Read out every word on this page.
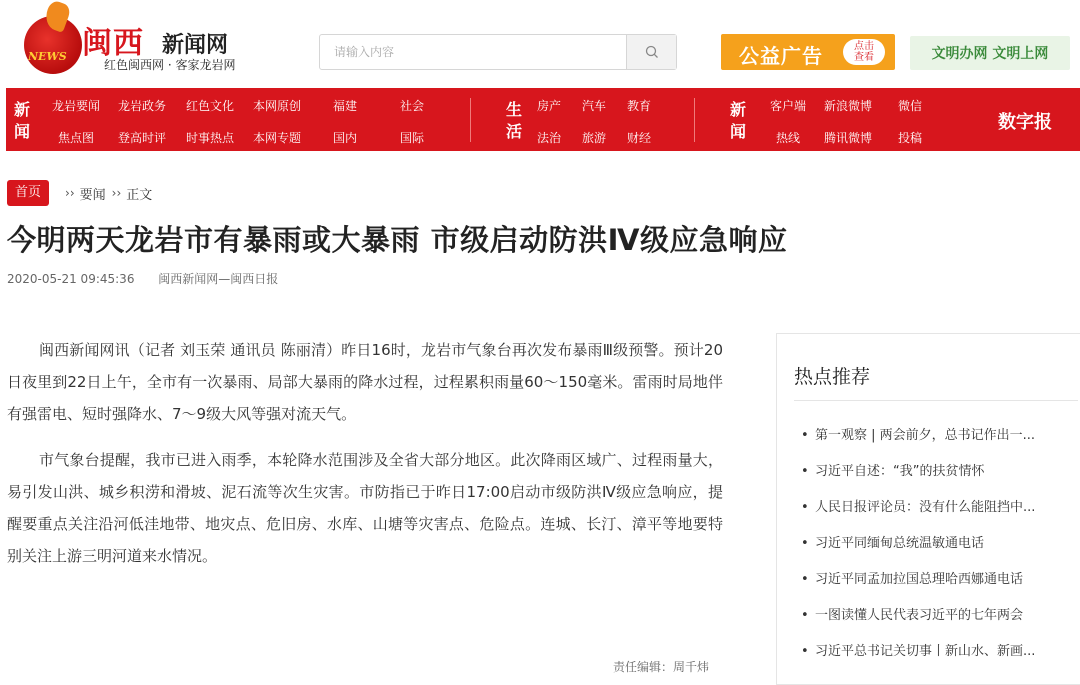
NEWS 闽西 新闻网
红色闽西网 · 客家龙岩网
请输入内容	公益广告	点击
查看	文明办网 文明上网
新
闻
龙岩要闻 龙岩政务 红色文化 本网原创	福建	社会
焦点图 登高时评 时事热点 本网专题	国内	国际
生
活
房产 汽车 教育
法治 旅游 财经
新
闻
客户端 新浪微博 微信
热线 腾讯微博 投稿
数字报
首页	›› 要闻 ›› 正文
今明两天龙岩市有暴雨或大暴雨 市级启动防洪Ⅳ级应急响应
2020-05-21 09:45:36 闽西新闻网—闽西日报

闽西新闻网讯（记者 刘玉荣 通讯员 陈丽清）昨日16时，龙岩市气象台再次发布暴雨Ⅲ级预警。预计20日夜里到22日上午，全市有一次暴雨、局部大暴雨的降水过程，过程累积雨量60～150毫米。雷雨时局地伴有强雷电、短时强降水、7～9级大风等强对流天气。

市气象台提醒，我市已进入雨季，本轮降水范围涉及全省大部分地区。此次降雨区域广、过程雨量大，易引发山洪、城乡积涝和滑坡、泥石流等次生灾害。市防指已于昨日17:00启动市级防洪Ⅳ级应急响应，提醒要重点关注沿河低洼地带、地灾点、危旧房、水库、山塘等灾害点、危险点。连城、长汀、漳平等地要特别关注上游三明河道来水情况。

责任编辑：周千炜
热点推荐
• 第一观察 | 两会前夕，总书记作出一...
• 习近平自述：“我”的扶贫情怀
• 人民日报评论员：没有什么能阻挡中...
• 习近平同缅甸总统温敏通电话
• 习近平同孟加拉国总理哈西娜通电话
• 一图读懂人民代表习近平的七年两会
• 习近平总书记关切事丨新山水、新画...
